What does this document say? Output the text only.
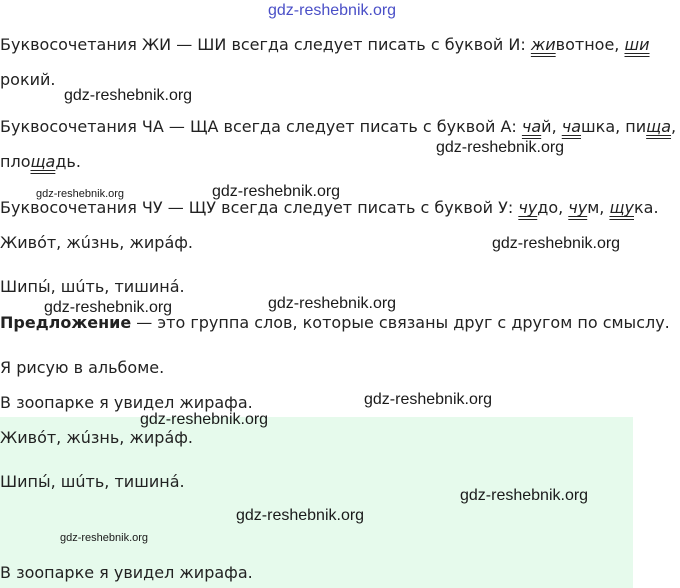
gdz-reshebnik.org

Буквосочетания ЖИ — ШИ всегда следует писать с буквой И: животное, ши

рокий.

gdz-reshebnik.org

Буквосочетания ЧА — ЩА всегда следует писать с буквой А: чай, чашка, пища,

gdz-reshebnik.org

площадь.

gdz-reshebnik.org
gdz-reshebnik.org

Буквосочетания ЧУ — ЩУ всегда следует писать с буквой У: чудо, чум, щука.

Живóт, жúзнь, жирáф.	gdz-reshebnik.org

Шипы́, шúть, тишинá.

gdz-reshebnik.org
gdz-reshebnik.org

Предложение — это группа слов, которые связаны друг с другом по смыслу.

Я рисую в альбоме.

В зоопарке я увидел жирафа.	gdz-reshebnik.org
gdz-reshebnik.org

Живóт, жúзнь, жирáф.

Шипы́, шúть, тишинá.

gdz-reshebnik.org
gdz-reshebnik.org
gdz-reshebnik.org

В зоопарке я увидел жирафа.
